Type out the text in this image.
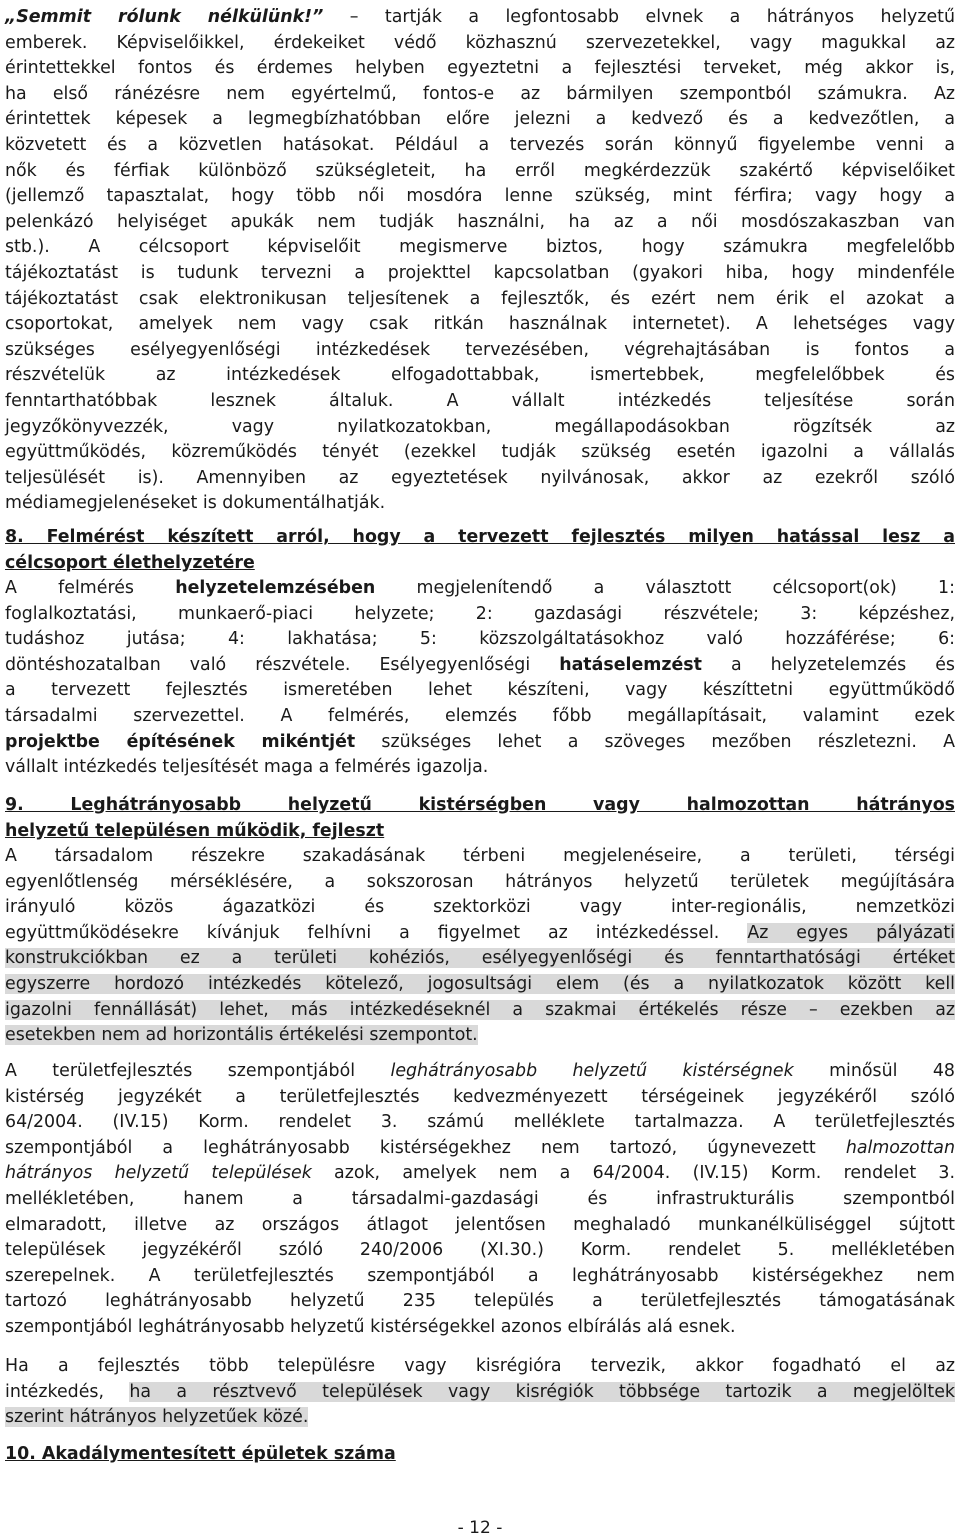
„Semmit rólunk nélkülünk!” – tartják a legfontosabb elvnek a hátrányos helyzetű
emberek. Képviselőikkel, érdekeiket védő közhasznú szervezetekkel, vagy magukkal az
érintettekkel fontos és érdemes helyben egyeztetni a fejlesztési terveket, még akkor is,
ha első ránézésre nem egyértelmű, fontos-e az bármilyen szempontból számukra. Az
érintettek képesek a legmegbízhatóbban előre jelezni a kedvező és a kedvezőtlen, a
közvetett és a közvetlen hatásokat. Például a tervezés során könnyű figyelembe venni a
nők és férfiak különböző szükségleteit, ha erről megkérdezzük szakértő képviselőiket
(jellemző tapasztalat, hogy több női mosdóra lenne szükség, mint férfira; vagy hogy a
pelenkázó helyiséget apukák nem tudják használni, ha az a női mosdószakaszban van
stb.). A célcsoport képviselőit megismerve biztos, hogy számukra megfelelőbb
tájékoztatást is tudunk tervezni a projekttel kapcsolatban (gyakori hiba, hogy mindenféle
tájékoztatást csak elektronikusan teljesítenek a fejlesztők, és ezért nem érik el azokat a
csoportokat, amelyek nem vagy csak ritkán használnak internetet). A lehetséges vagy
szükséges esélyegyenlőségi intézkedések tervezésében, végrehajtásában is fontos a
részvételük az intézkedések elfogadottabbak, ismertebbek, megfelelőbbek és
fenntarthatóbbak lesznek általuk. A vállalt intézkedés teljesítése során
jegyzőkönyvezzék, vagy nyilatkozatokban, megállapodásokban rögzítsék az
együttműködés, közreműködés tényét (ezekkel tudják szükség esetén igazolni a vállalás
teljesülését is). Amennyiben az egyeztetések nyilvánosak, akkor az ezekről szóló
médiamegjelenéseket is dokumentálhatják.
8. Felmérést készített arról, hogy a tervezett fejlesztés milyen hatással lesz a
célcsoport élethelyzetére
A felmérés helyzetelemzésében megjelenítendő a választott célcsoport(ok) 1:
foglalkoztatási, munkaerő-piaci helyzete; 2: gazdasági részvétele; 3: képzéshez,
tudáshoz jutása; 4: lakhatása; 5: közszolgáltatásokhoz való hozzáférése; 6:
döntéshozatalban való részvétele. Esélyegyenlőségi hatáselemzést a helyzetelemzés és
a tervezett fejlesztés ismeretében lehet készíteni, vagy készíttetni együttműködő
társadalmi szervezettel. A felmérés, elemzés főbb megállapításait, valamint ezek
projektbe építésének mikéntjét szükséges lehet a szöveges mezőben részletezni. A
vállalt intézkedés teljesítését maga a felmérés igazolja.
9. Leghátrányosabb helyzetű kistérségben vagy halmozottan hátrányos
helyzetű településen működik, fejleszt
A társadalom részekre szakadásának térbeni megjelenéseire, a területi, térségi
egyenlőtlenség mérséklésére, a sokszorosan hátrányos helyzetű területek megújítására
irányuló közös ágazatközi és szektorközi vagy inter-regionális, nemzetközi
együttműködésekre kívánjuk felhívni a figyelmet az intézkedéssel. Az egyes pályázati
konstrukciókban ez a területi kohéziós, esélyegyenlőségi és fenntarthatósági értéket
egyszerre hordozó intézkedés kötelező, jogosultsági elem (és a nyilatkozatok között kell
igazolni fennállását) lehet, más intézkedéseknél a szakmai értékelés része – ezekben az
esetekben nem ad horizontális értékelési szempontot.
A területfejlesztés szempontjából leghátrányosabb helyzetű kistérségnek minősül 48
kistérség jegyzékét a területfejlesztés kedvezményezett térségeinek jegyzékéről szóló
64/2004. (IV.15) Korm. rendelet 3. számú melléklete tartalmazza. A területfejlesztés
szempontjából a leghátrányosabb kistérségekhez nem tartozó, úgynevezett halmozottan
hátrányos helyzetű települések azok, amelyek nem a 64/2004. (IV.15) Korm. rendelet 3.
mellékletében, hanem a társadalmi-gazdasági és infrastrukturális szempontból
elmaradott, illetve az országos átlagot jelentősen meghaladó munkanélküliséggel sújtott
települések jegyzékéről szóló 240/2006 (XI.30.) Korm. rendelet 5. mellékletében
szerepelnek. A területfejlesztés szempontjából a leghátrányosabb kistérségekhez nem
tartozó leghátrányosabb helyzetű 235 település a területfejlesztés támogatásának
szempontjából leghátrányosabb helyzetű kistérségekkel azonos elbírálás alá esnek.
Ha a fejlesztés több településre vagy kisrégióra tervezik, akkor fogadható el az
intézkedés, ha a résztvevő települések vagy kisrégiók többsége tartozik a megjelöltek
szerint hátrányos helyzetűek közé.
10. Akadálymentesített épületek száma
- 12 -
